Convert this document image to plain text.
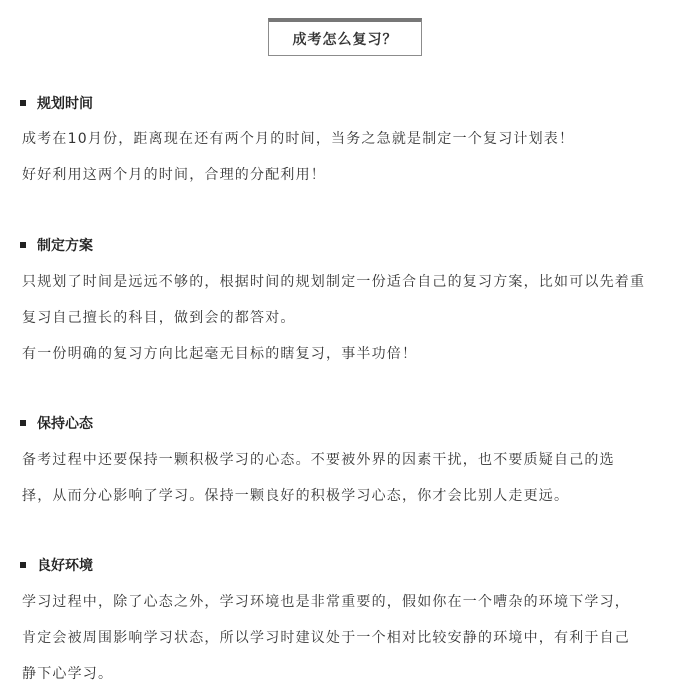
成考怎么复习？
规划时间

成考在10月份，距离现在还有两个月的时间，当务之急就是制定一个复习计划表！

好好利用这两个月的时间，合理的分配利用！

制定方案

只规划了时间是远远不够的，根据时间的规划制定一份适合自己的复习方案，比如可以先着重

复习自己擅长的科目，做到会的都答对。

有一份明确的复习方向比起毫无目标的瞎复习，事半功倍！

保持心态

备考过程中还要保持一颗积极学习的心态。不要被外界的因素干扰，也不要质疑自己的选

择，从而分心影响了学习。保持一颗良好的积极学习心态，你才会比别人走更远。

良好环境

学习过程中，除了心态之外，学习环境也是非常重要的，假如你在一个嘈杂的环境下学习，

肯定会被周围影响学习状态，所以学习时建议处于一个相对比较安静的环境中，有利于自己

静下心学习。
